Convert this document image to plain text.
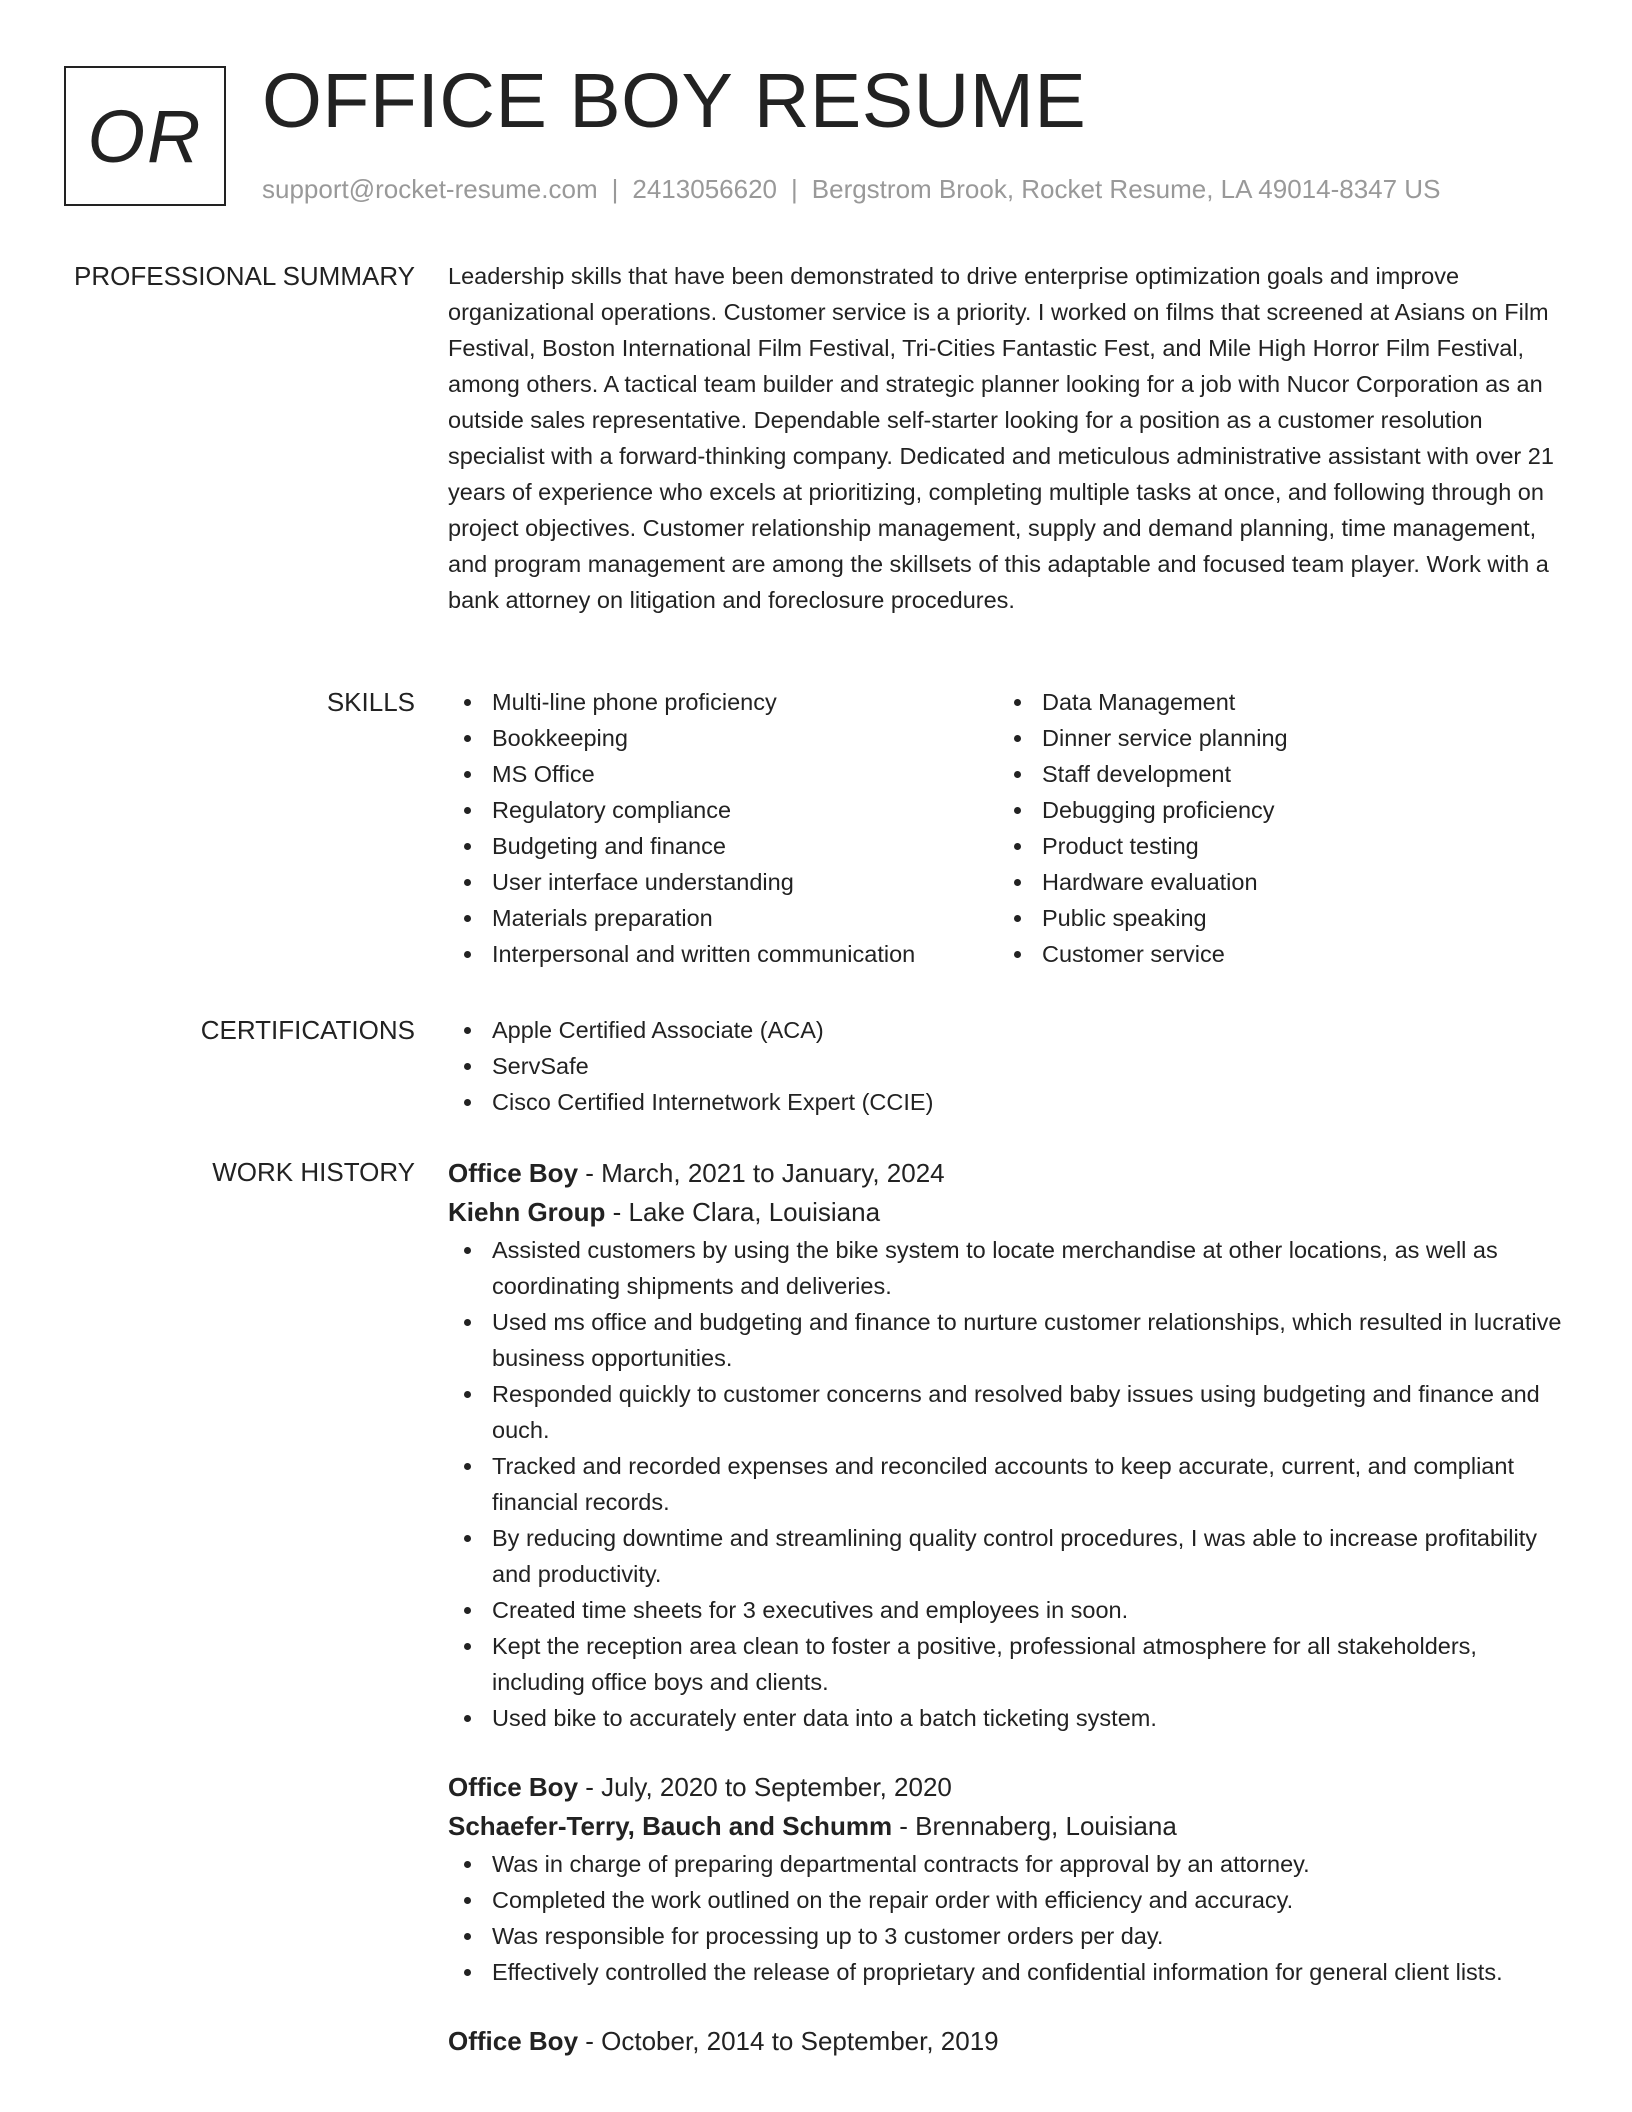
OR OFFICE BOY RESUME
support@rocket-resume.com | 2413056620 | Bergstrom Brook, Rocket Resume, LA 49014-8347 US
PROFESSIONAL SUMMARY Leadership skills that have been demonstrated to drive enterprise optimization goals and improve organizational operations. Customer service is a priority. I worked on films that screened at Asians on Film Festival, Boston International Film Festival, Tri-Cities Fantastic Fest, and Mile High Horror Film Festival, among others. A tactical team builder and strategic planner looking for a job with Nucor Corporation as an outside sales representative. Dependable self-starter looking for a position as a customer resolution specialist with a forward-thinking company. Dedicated and meticulous administrative assistant with over 21 years of experience who excels at prioritizing, completing multiple tasks at once, and following through on project objectives. Customer relationship management, supply and demand planning, time management, and program management are among the skillsets of this adaptable and focused team player. Work with a bank attorney on litigation and foreclosure procedures.

SKILLS	Multi-line phone proficiency
Bookkeeping
MS Office
Regulatory compliance
Budgeting and finance
User interface understanding
Materials preparation
Interpersonal and written communication
Data Management
Dinner service planning
Staff development
Debugging proficiency
Product testing
Hardware evaluation
Public speaking
Customer service
CERTIFICATIONS	Apple Certified Associate (ACA)
ServSafe
Cisco Certified Internetwork Expert (CCIE)
WORK HISTORY Office Boy - March, 2021 to January, 2024
Kiehn Group - Lake Clara, Louisiana
Assisted customers by using the bike system to locate merchandise at other locations, as well as coordinating shipments and deliveries.
Used ms office and budgeting and finance to nurture customer relationships, which resulted in lucrative business opportunities.
Responded quickly to customer concerns and resolved baby issues using budgeting and finance and ouch.
Tracked and recorded expenses and reconciled accounts to keep accurate, current, and compliant financial records.
By reducing downtime and streamlining quality control procedures, I was able to increase profitability and productivity.
Created time sheets for 3 executives and employees in soon.
Kept the reception area clean to foster a positive, professional atmosphere for all stakeholders, including office boys and clients.
Used bike to accurately enter data into a batch ticketing system.
Office Boy - July, 2020 to September, 2020
Schaefer-Terry, Bauch and Schumm - Brennaberg, Louisiana
Was in charge of preparing departmental contracts for approval by an attorney.
Completed the work outlined on the repair order with efficiency and accuracy.
Was responsible for processing up to 3 customer orders per day.
Effectively controlled the release of proprietary and confidential information for general client lists.
Office Boy - October, 2014 to September, 2019
